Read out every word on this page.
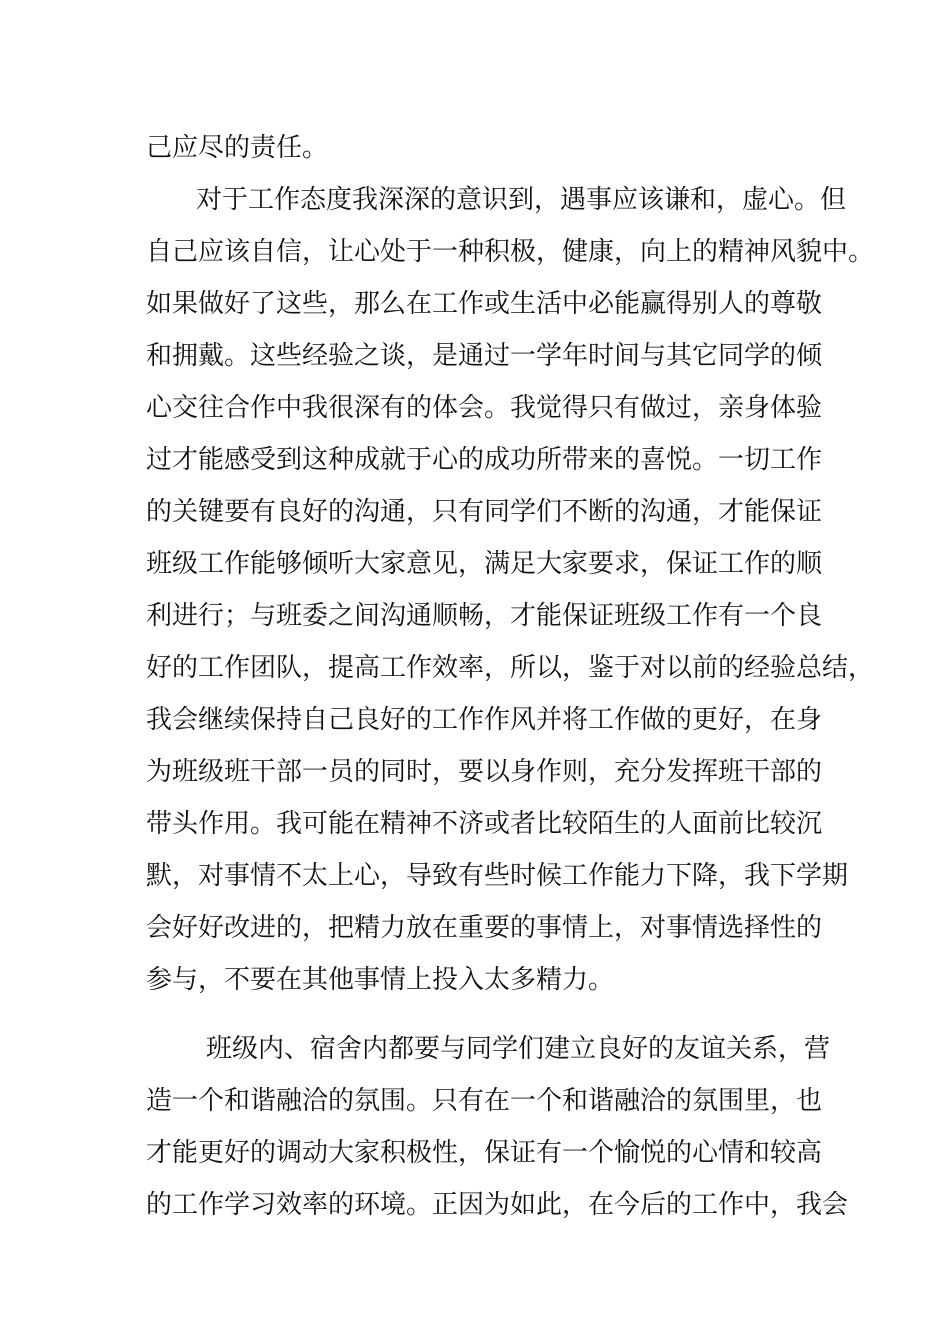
己应尽的责任。

对于工作态度我深深的意识到，遇事应该谦和，虚心。但

自己应该自信，让心处于一种积极，健康，向上的精神风貌中。

如果做好了这些，那么在工作或生活中必能赢得别人的尊敬

和拥戴。这些经验之谈，是通过一学年时间与其它同学的倾

心交往合作中我很深有的体会。我觉得只有做过，亲身体验

过才能感受到这种成就于心的成功所带来的喜悦。一切工作

的关键要有良好的沟通，只有同学们不断的沟通，才能保证

班级工作能够倾听大家意见，满足大家要求，保证工作的顺

利进行；与班委之间沟通顺畅，才能保证班级工作有一个良

好的工作团队，提高工作效率，所以，鉴于对以前的经验总结，

我会继续保持自己良好的工作作风并将工作做的更好，在身

为班级班干部一员的同时，要以身作则，充分发挥班干部的

带头作用。我可能在精神不济或者比较陌生的人面前比较沉

默，对事情不太上心，导致有些时候工作能力下降，我下学期

会好好改进的，把精力放在重要的事情上，对事情选择性的

参与，不要在其他事情上投入太多精力。

班级内、宿舍内都要与同学们建立良好的友谊关系，营

造一个和谐融洽的氛围。只有在一个和谐融洽的氛围里，也

才能更好的调动大家积极性，保证有一个愉悦的心情和较高

的工作学习效率的环境。正因为如此，在今后的工作中，我会
